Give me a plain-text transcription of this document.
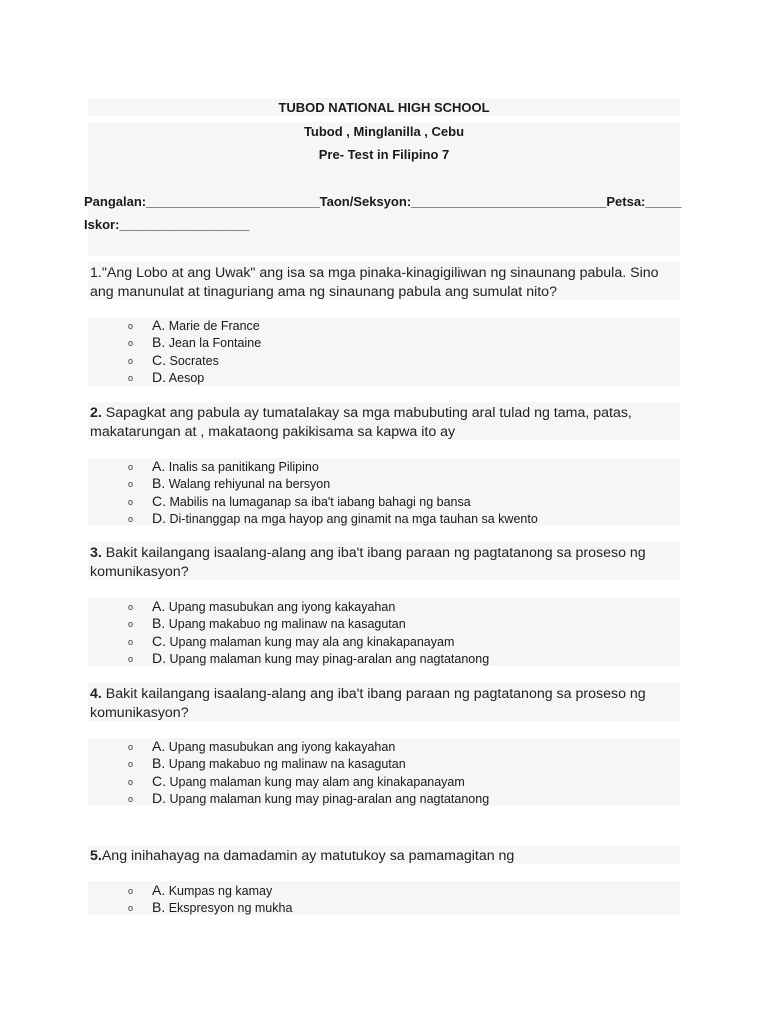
TUBOD NATIONAL HIGH SCHOOL
Tubod , Minglanilla , Cebu
Pre- Test in Filipino 7
Pangalan:________________________Taon/Seksyon:___________________________Petsa:_____
Iskor:__________________
1."Ang Lobo at ang Uwak" ang isa sa mga pinaka-kinagigiliwan ng sinaunang pabula. Sino ang manunulat at tinaguriang ama ng sinaunang pabula ang sumulat nito?
o A. Marie de France
o B. Jean la Fontaine
o C. Socrates
o D. Aesop
2. Sapagkat ang pabula ay tumatalakay sa mga mabubuting aral tulad ng tama, patas, makatarungan at , makataong pakikisama sa kapwa ito ay
o A. Inalis sa panitikang Pilipino
o B. Walang rehiyunal na bersyon
o C. Mabilis na lumaganap sa iba't iabang bahagi ng bansa
o D. Di-tinanggap na mga hayop ang ginamit na mga tauhan sa kwento
3. Bakit kailangang isaalang-alang ang iba't ibang paraan ng pagtatanong sa proseso ng komunikasyon?
o A. Upang masubukan ang iyong kakayahan
o B. Upang makabuo ng malinaw na kasagutan
o C. Upang malaman kung may ala ang kinakapanayam
o D. Upang malaman kung may pinag-aralan ang nagtatanong
4. Bakit kailangang isaalang-alang ang iba't ibang paraan ng pagtatanong sa proseso ng komunikasyon?
o A. Upang masubukan ang iyong kakayahan
o B. Upang makabuo ng malinaw na kasagutan
o C. Upang malaman kung may alam ang kinakapanayam
o D. Upang malaman kung may pinag-aralan ang nagtatanong
5.Ang inihahayag na damadamin ay matutukoy sa pamamagitan ng
o A. Kumpas ng kamay
o B. Ekspresyon ng mukha
